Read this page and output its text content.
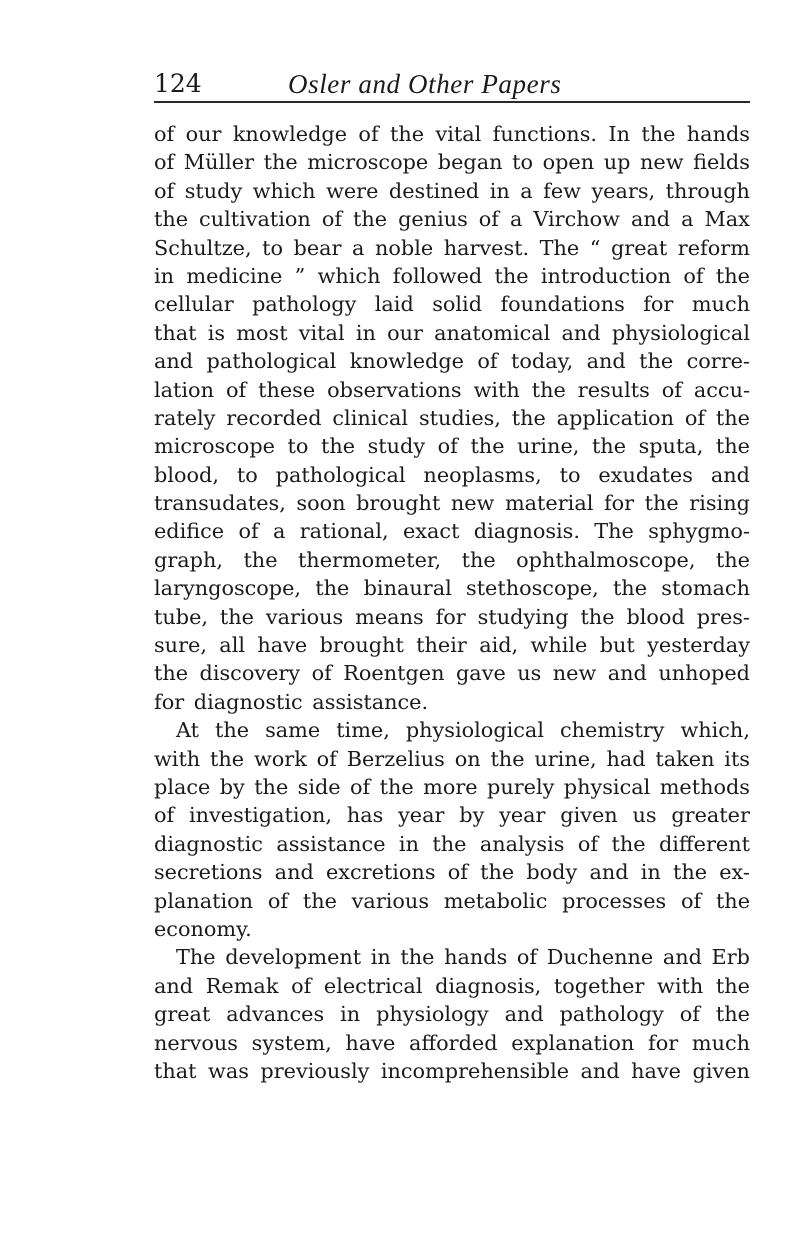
124	Osler and Other Papers
of our knowledge of the vital functions. In the hands
of Müller the microscope began to open up new fields
of study which were destined in a few years, through
the cultivation of the genius of a Virchow and a Max
Schultze, to bear a noble harvest. The “ great reform
in medicine ” which followed the introduction of the
cellular pathology laid solid foundations for much
that is most vital in our anatomical and physiological
and pathological knowledge of today, and the corre-
lation of these observations with the results of accu-
rately recorded clinical studies, the application of the
microscope to the study of the urine, the sputa, the
blood, to pathological neoplasms, to exudates and
transudates, soon brought new material for the rising
edifice of a rational, exact diagnosis. The sphygmo-
graph, the thermometer, the ophthalmoscope, the
laryngoscope, the binaural stethoscope, the stomach
tube, the various means for studying the blood pres-
sure, all have brought their aid, while but yesterday
the discovery of Roentgen gave us new and unhoped
for diagnostic assistance.
At the same time, physiological chemistry which,
with the work of Berzelius on the urine, had taken its
place by the side of the more purely physical methods
of investigation, has year by year given us greater
diagnostic assistance in the analysis of the different
secretions and excretions of the body and in the ex-
planation of the various metabolic processes of the
economy.
The development in the hands of Duchenne and Erb
and Remak of electrical diagnosis, together with the
great advances in physiology and pathology of the
nervous system, have afforded explanation for much
that was previously incomprehensible and have given
